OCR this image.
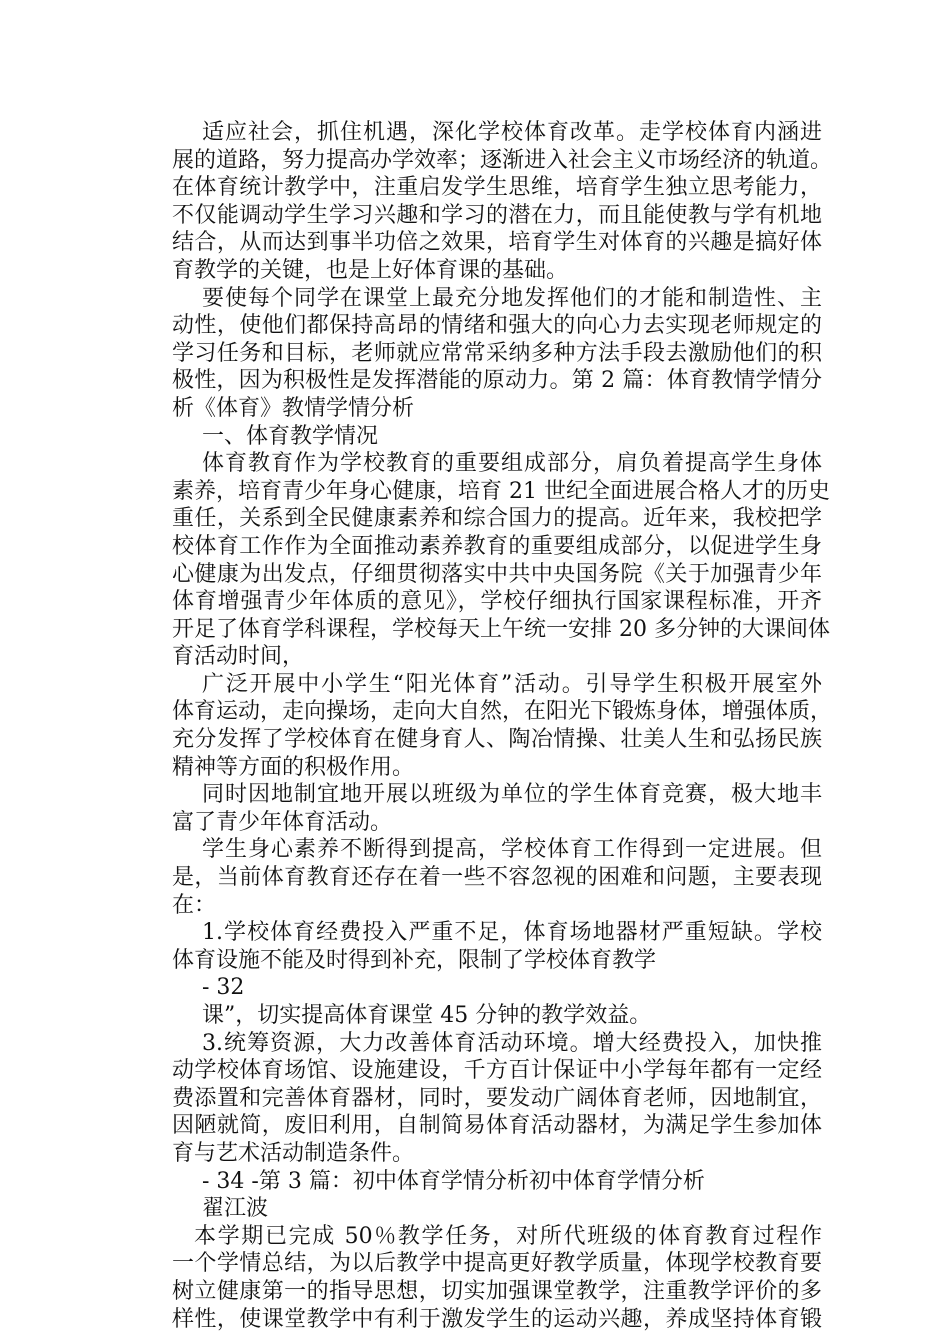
适应社会，抓住机遇，深化学校体育改革。走学校体育内涵进
展的道路，努力提高办学效率；逐渐进入社会主义市场经济的轨道。
在体育统计教学中，注重启发学生思维，培育学生独立思考能力，
不仅能调动学生学习兴趣和学习的潜在力，而且能使教与学有机地
结合，从而达到事半功倍之效果，培育学生对体育的兴趣是搞好体
育教学的关键，也是上好体育课的基础。
要使每个同学在课堂上最充分地发挥他们的才能和制造性、主
动性，使他们都保持高昂的情绪和强大的向心力去实现老师规定的
学习任务和目标，老师就应常常采纳多种方法手段去激励他们的积
极性，因为积极性是发挥潜能的原动力。第 2 篇：体育教情学情分
析《体育》教情学情分析
一、体育教学情况
体育教育作为学校教育的重要组成部分，肩负着提高学生身体
素养，培育青少年身心健康，培育 21 世纪全面进展合格人才的历史
重任，关系到全民健康素养和综合国力的提高。近年来，我校把学
校体育工作作为全面推动素养教育的重要组成部分，以促进学生身
心健康为出发点，仔细贯彻落实中共中央国务院《关于加强青少年
体育增强青少年体质的意见》，学校仔细执行国家课程标准，开齐
开足了体育学科课程，学校每天上午统一安排 20 多分钟的大课间体
育活动时间，
广泛开展中小学生“阳光体育”活动。引导学生积极开展室外
体育运动，走向操场，走向大自然，在阳光下锻炼身体，增强体质，
充分发挥了学校体育在健身育人、陶冶情操、壮美人生和弘扬民族
精神等方面的积极作用。
同时因地制宜地开展以班级为单位的学生体育竞赛，极大地丰
富了青少年体育活动。
学生身心素养不断得到提高，学校体育工作得到一定进展。但
是，当前体育教育还存在着一些不容忽视的困难和问题，主要表现
在：
1.学校体育经费投入严重不足，体育场地器材严重短缺。学校
体育设施不能及时得到补充，限制了学校体育教学
- 32
课”，切实提高体育课堂 45 分钟的教学效益。
3.统筹资源，大力改善体育活动环境。增大经费投入，加快推
动学校体育场馆、设施建设，千方百计保证中小学每年都有一定经
费添置和完善体育器材，同时，要发动广阔体育老师，因地制宜，
因陋就简，废旧利用，自制简易体育活动器材，为满足学生参加体
育与艺术活动制造条件。
- 34 -第 3 篇：初中体育学情分析初中体育学情分析
翟江波
本学期已完成 50％教学任务，对所代班级的体育教育过程作
一个学情总结，为以后教学中提高更好教学质量，体现学校教育要
树立健康第一的指导思想，切实加强课堂教学，注重教学评价的多
样性，使课堂教学中有利于激发学生的运动兴趣，养成坚持体育锻
